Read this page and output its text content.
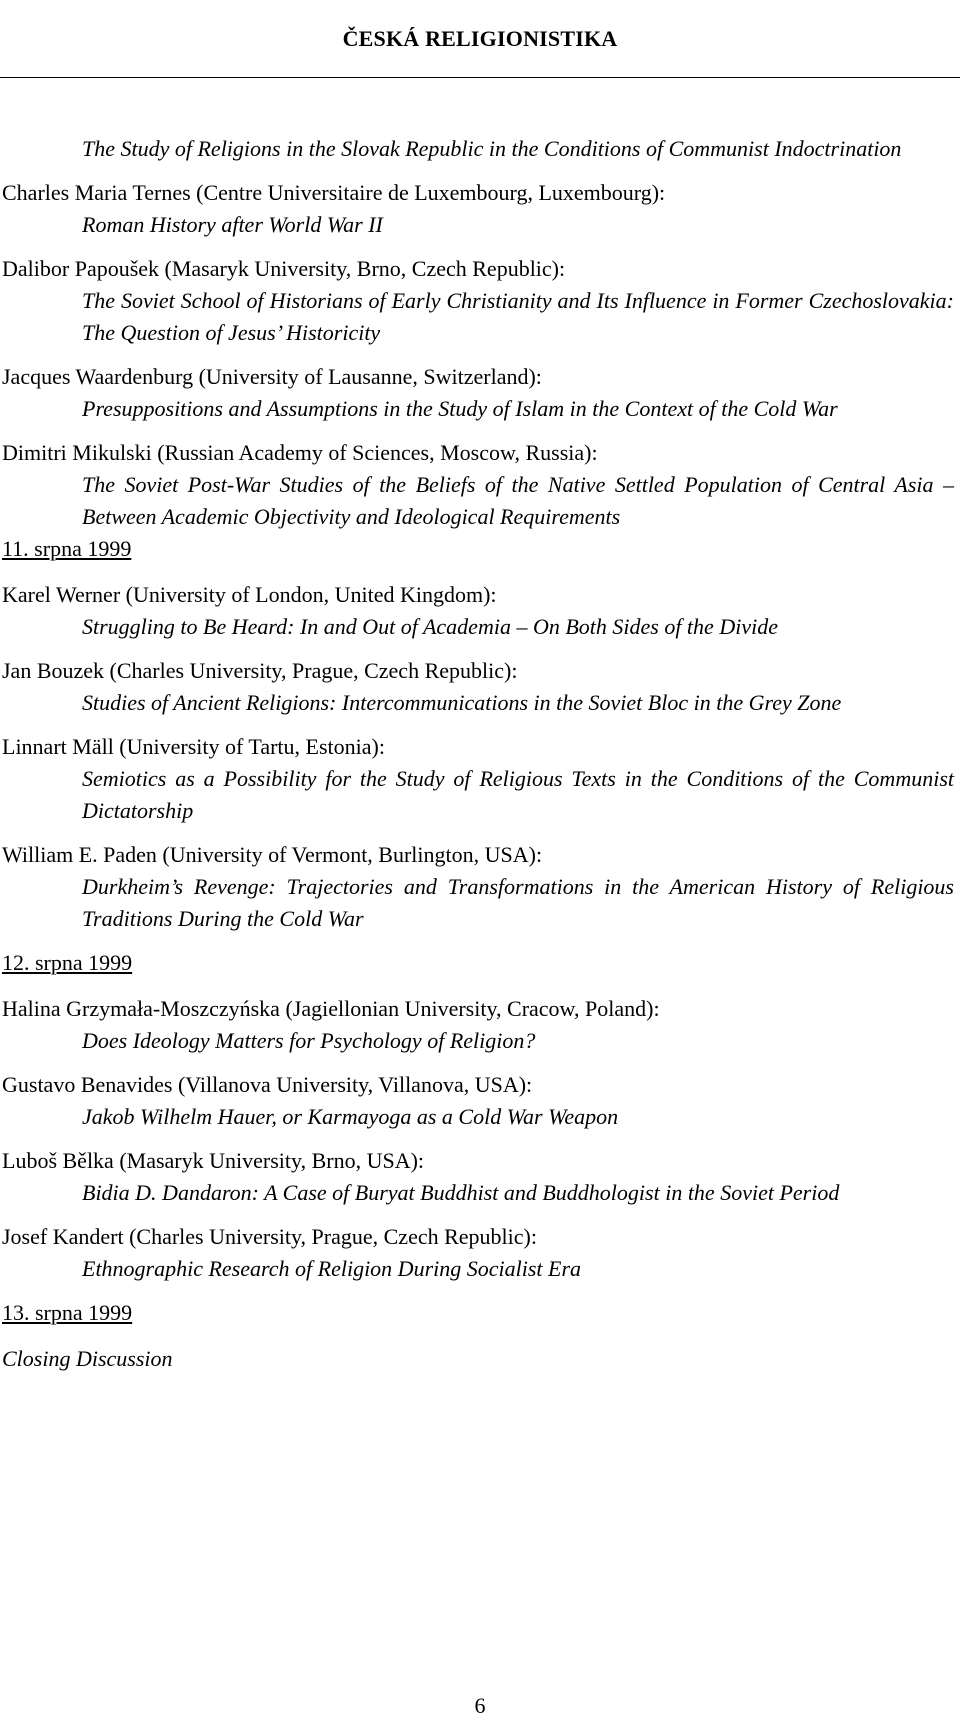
ČESKÁ RELIGIONISTIKA
The Study of Religions in the Slovak Republic in the Conditions of Communist Indoctrination
Charles Maria Ternes (Centre Universitaire de Luxembourg, Luxembourg):
Roman History after World War II
Dalibor Papoušek (Masaryk University, Brno, Czech Republic):
The Soviet School of Historians of Early Christianity and Its Influence in Former Czechoslovakia: The Question of Jesus’ Historicity
Jacques Waardenburg (University of Lausanne, Switzerland):
Presuppositions and Assumptions in the Study of Islam in the Context of the Cold War
Dimitri Mikulski (Russian Academy of Sciences, Moscow, Russia):
The Soviet Post-War Studies of the Beliefs of the Native Settled Population of Central Asia – Between Academic Objectivity and Ideological Requirements
11. srpna 1999
Karel Werner (University of London, United Kingdom):
Struggling to Be Heard: In and Out of Academia – On Both Sides of the Divide
Jan Bouzek (Charles University, Prague, Czech Republic):
Studies of Ancient Religions: Intercommunications in the Soviet Bloc in the Grey Zone
Linnart Mäll (University of Tartu, Estonia):
Semiotics as a Possibility for the Study of Religious Texts in the Conditions of the Communist Dictatorship
William E. Paden (University of Vermont, Burlington, USA):
Durkheim’s Revenge: Trajectories and Transformations in the American History of Religious Traditions During the Cold War
12. srpna 1999
Halina Grzymała-Moszczyńska (Jagiellonian University, Cracow, Poland):
Does Ideology Matters for Psychology of Religion?
Gustavo Benavides (Villanova University, Villanova, USA):
Jakob Wilhelm Hauer, or Karmayoga as a Cold War Weapon
Luboš Bělka (Masaryk University, Brno, USA):
Bidia D. Dandaron: A Case of Buryat Buddhist and Buddhologist in the Soviet Period
Josef Kandert (Charles University, Prague, Czech Republic):
Ethnographic Research of Religion During Socialist Era
13. srpna 1999
Closing Discussion
6
